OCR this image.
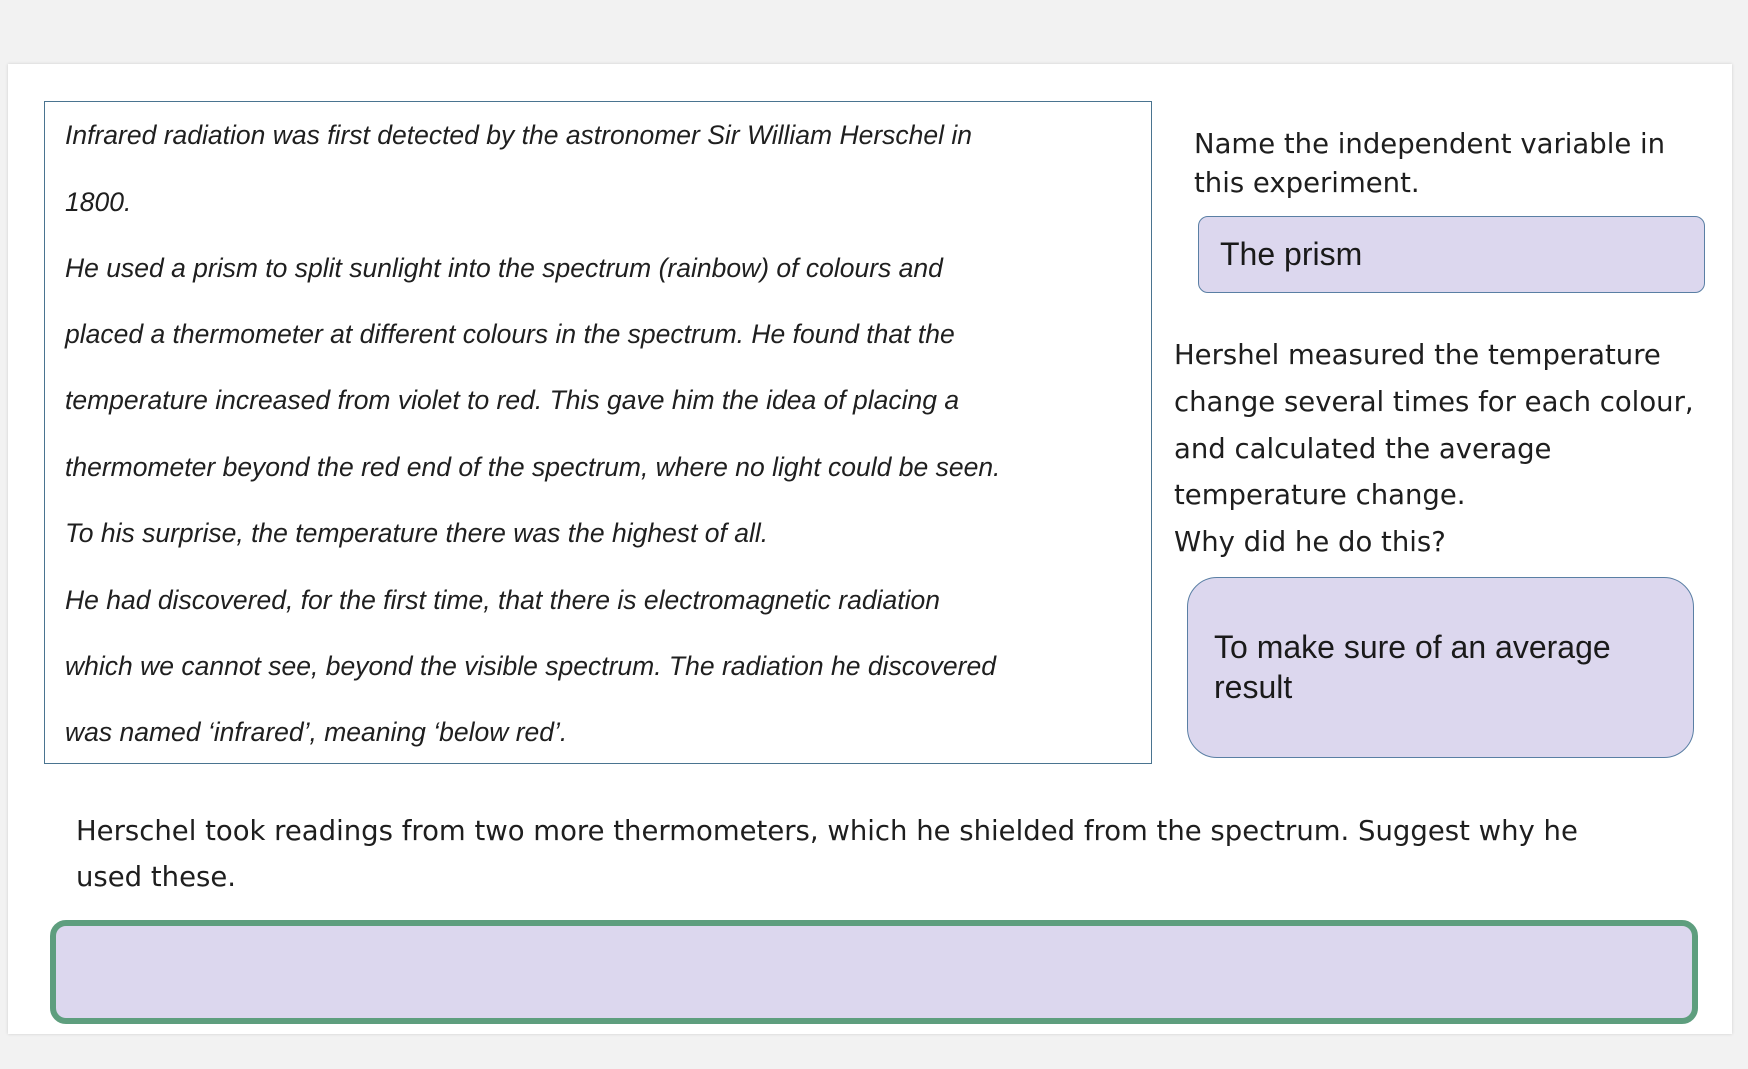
Infrared radiation was first detected by the astronomer Sir William Herschel in
1800.
He used a prism to split sunlight into the spectrum (rainbow) of colours and
placed a thermometer at different colours in the spectrum. He found that the
temperature increased from violet to red. This gave him the idea of placing a
thermometer beyond the red end of the spectrum, where no light could be seen.
To his surprise, the temperature there was the highest of all.
He had discovered, for the first time, that there is electromagnetic radiation
which we cannot see, beyond the visible spectrum. The radiation he discovered
was named ‘infrared’, meaning ‘below red’.
Name the independent variable in
this experiment.
The prism
Hershel measured the temperature
change several times for each colour,
and calculated the average
temperature change.
Why did he do this?
To make sure of an average
result
Herschel took readings from two more thermometers, which he shielded from the spectrum. Suggest why he
used these.
